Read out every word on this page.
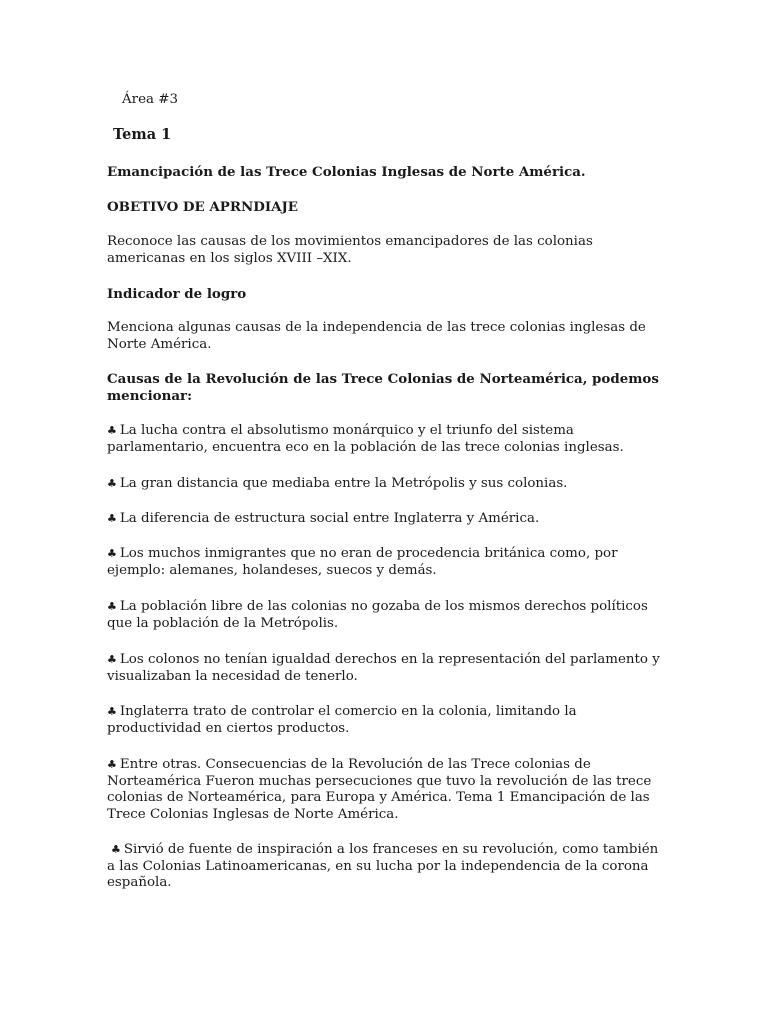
Área #3
Tema 1
Emancipación de las Trece Colonias Inglesas de Norte América.
OBETIVO DE APRNDIAJE
Reconoce las causas de los movimientos emancipadores de las colonias americanas en los siglos XVIII –XIX.
Indicador de logro
Menciona algunas causas de la independencia de las trece colonias inglesas de Norte América.
Causas de la Revolución de las Trece Colonias de Norteamérica, podemos mencionar:
♣ La lucha contra el absolutismo monárquico y el triunfo del sistema parlamentario, encuentra eco en la población de las trece colonias inglesas.
♣ La gran distancia que mediaba entre la Metrópolis y sus colonias.
♣ La diferencia de estructura social entre Inglaterra y América.
♣ Los muchos inmigrantes que no eran de procedencia británica como, por ejemplo: alemanes, holandeses, suecos y demás.
♣ La población libre de las colonias no gozaba de los mismos derechos políticos que la población de la Metrópolis.
♣ Los colonos no tenían igualdad derechos en la representación del parlamento y visualizaban la necesidad de tenerlo.
♣ Inglaterra trato de controlar el comercio en la colonia, limitando la productividad en ciertos productos.
♣ Entre otras. Consecuencias de la Revolución de las Trece colonias de Norteamérica Fueron muchas persecuciones que tuvo la revolución de las trece colonias de Norteamérica, para Europa y América. Tema 1 Emancipación de las Trece Colonias Inglesas de Norte América.
♣ Sirvió de fuente de inspiración a los franceses en su revolución, como también a las Colonias Latinoamericanas, en su lucha por la independencia de la corona española.
